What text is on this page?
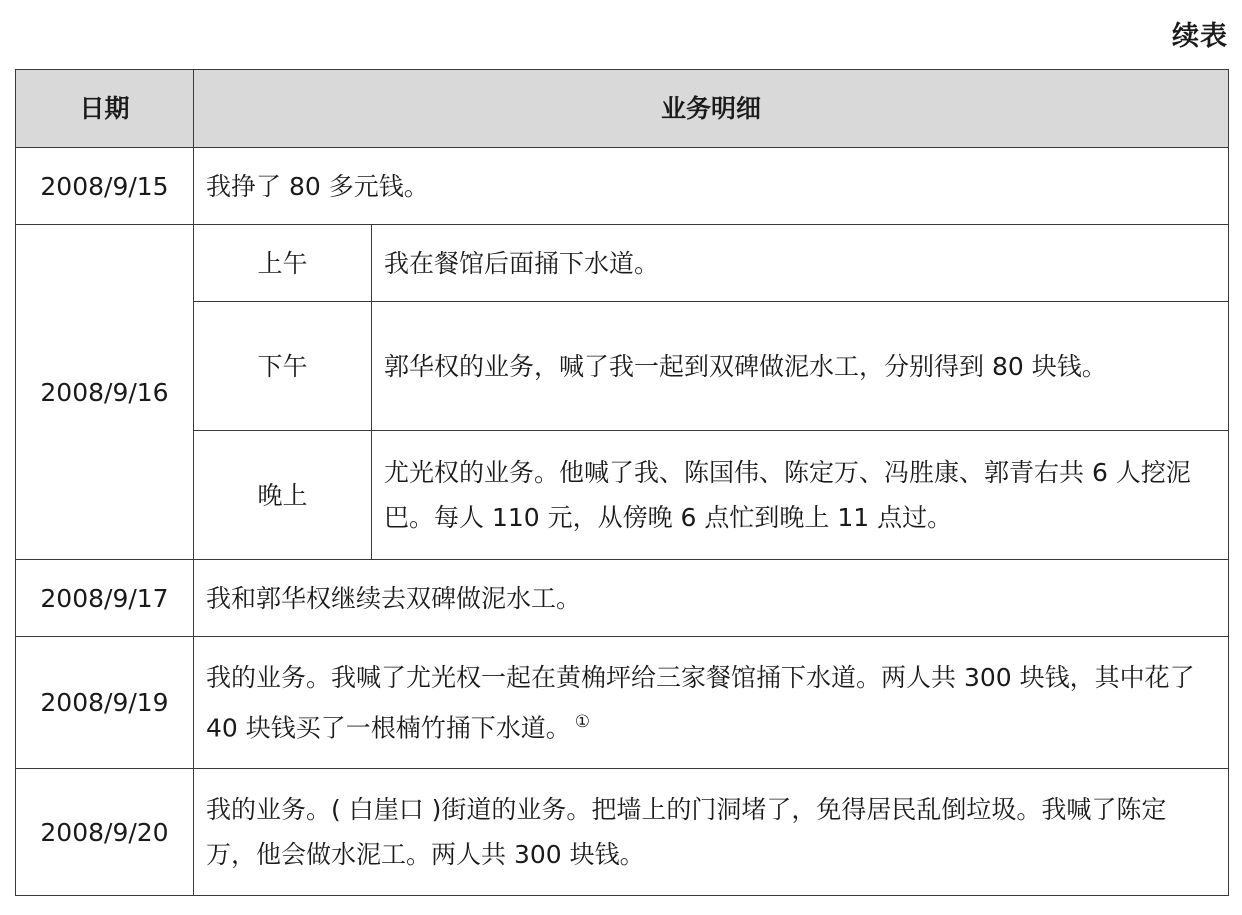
续表
日期	业务明细	
2008/9/15	我挣了 80 多元钱。	
2008/9/16	上午	我在餐馆后面捅下水道。
	下午	郭华权的业务，喊了我一起到双碑做泥水工，分别得到 80 块钱。
	晚上	尤光权的业务。他喊了我、陈国伟、陈定万、冯胜康、郭青右共 6 人挖泥巴。每人 110 元，从傍晚 6 点忙到晚上 11 点过。
2008/9/17	我和郭华权继续去双碑做泥水工。	
2008/9/19	我的业务。我喊了尤光权一起在黄桷坪给三家餐馆捅下水道。两人共 300 块钱，其中花了 40 块钱买了一根楠竹捅下水道。 ①
2008/9/20	我的业务。( 白崖口 )街道的业务。把墙上的门洞堵了，免得居民乱倒垃圾。我喊了陈定万，他会做水泥工。两人共 300 块钱。	
